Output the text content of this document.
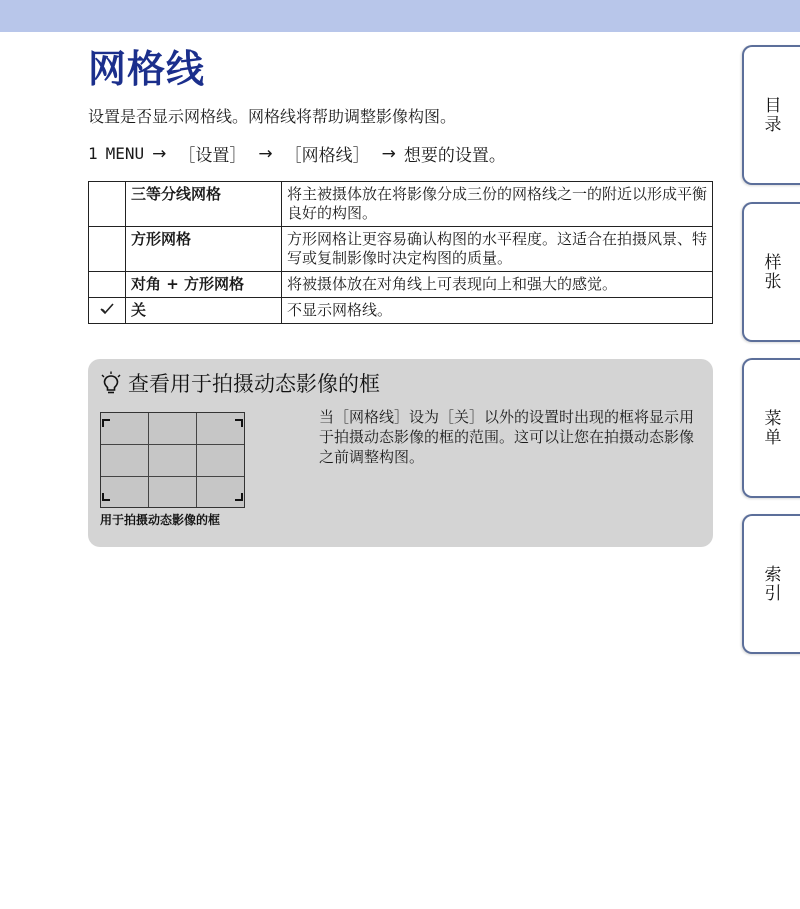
网格线

设置是否显示网格线。网格线将帮助调整影像构图。

1 MENU → ［设置］ → ［网格线］ → 想要的设置。
	三等分线网格	将主被摄体放在将影像分成三份的网格线之一的附近以形成平衡良好的构图。
	方形网格	方形网格让更容易确认构图的水平程度。这适合在拍摄风景、特写或复制影像时决定构图的质量。
	对角 + 方形网格	将被摄体放在对角线上可表现向上和强大的感觉。
	关	不显示网格线。
查看用于拍摄动态影像的框
用于拍摄动态影像的框

当［网格线］设为［关］以外的设置时出现的框将显示用于拍摄动态影像的框的范围。这可以让您在拍摄动态影像之前调整构图。

目录
样张
菜单
索引
